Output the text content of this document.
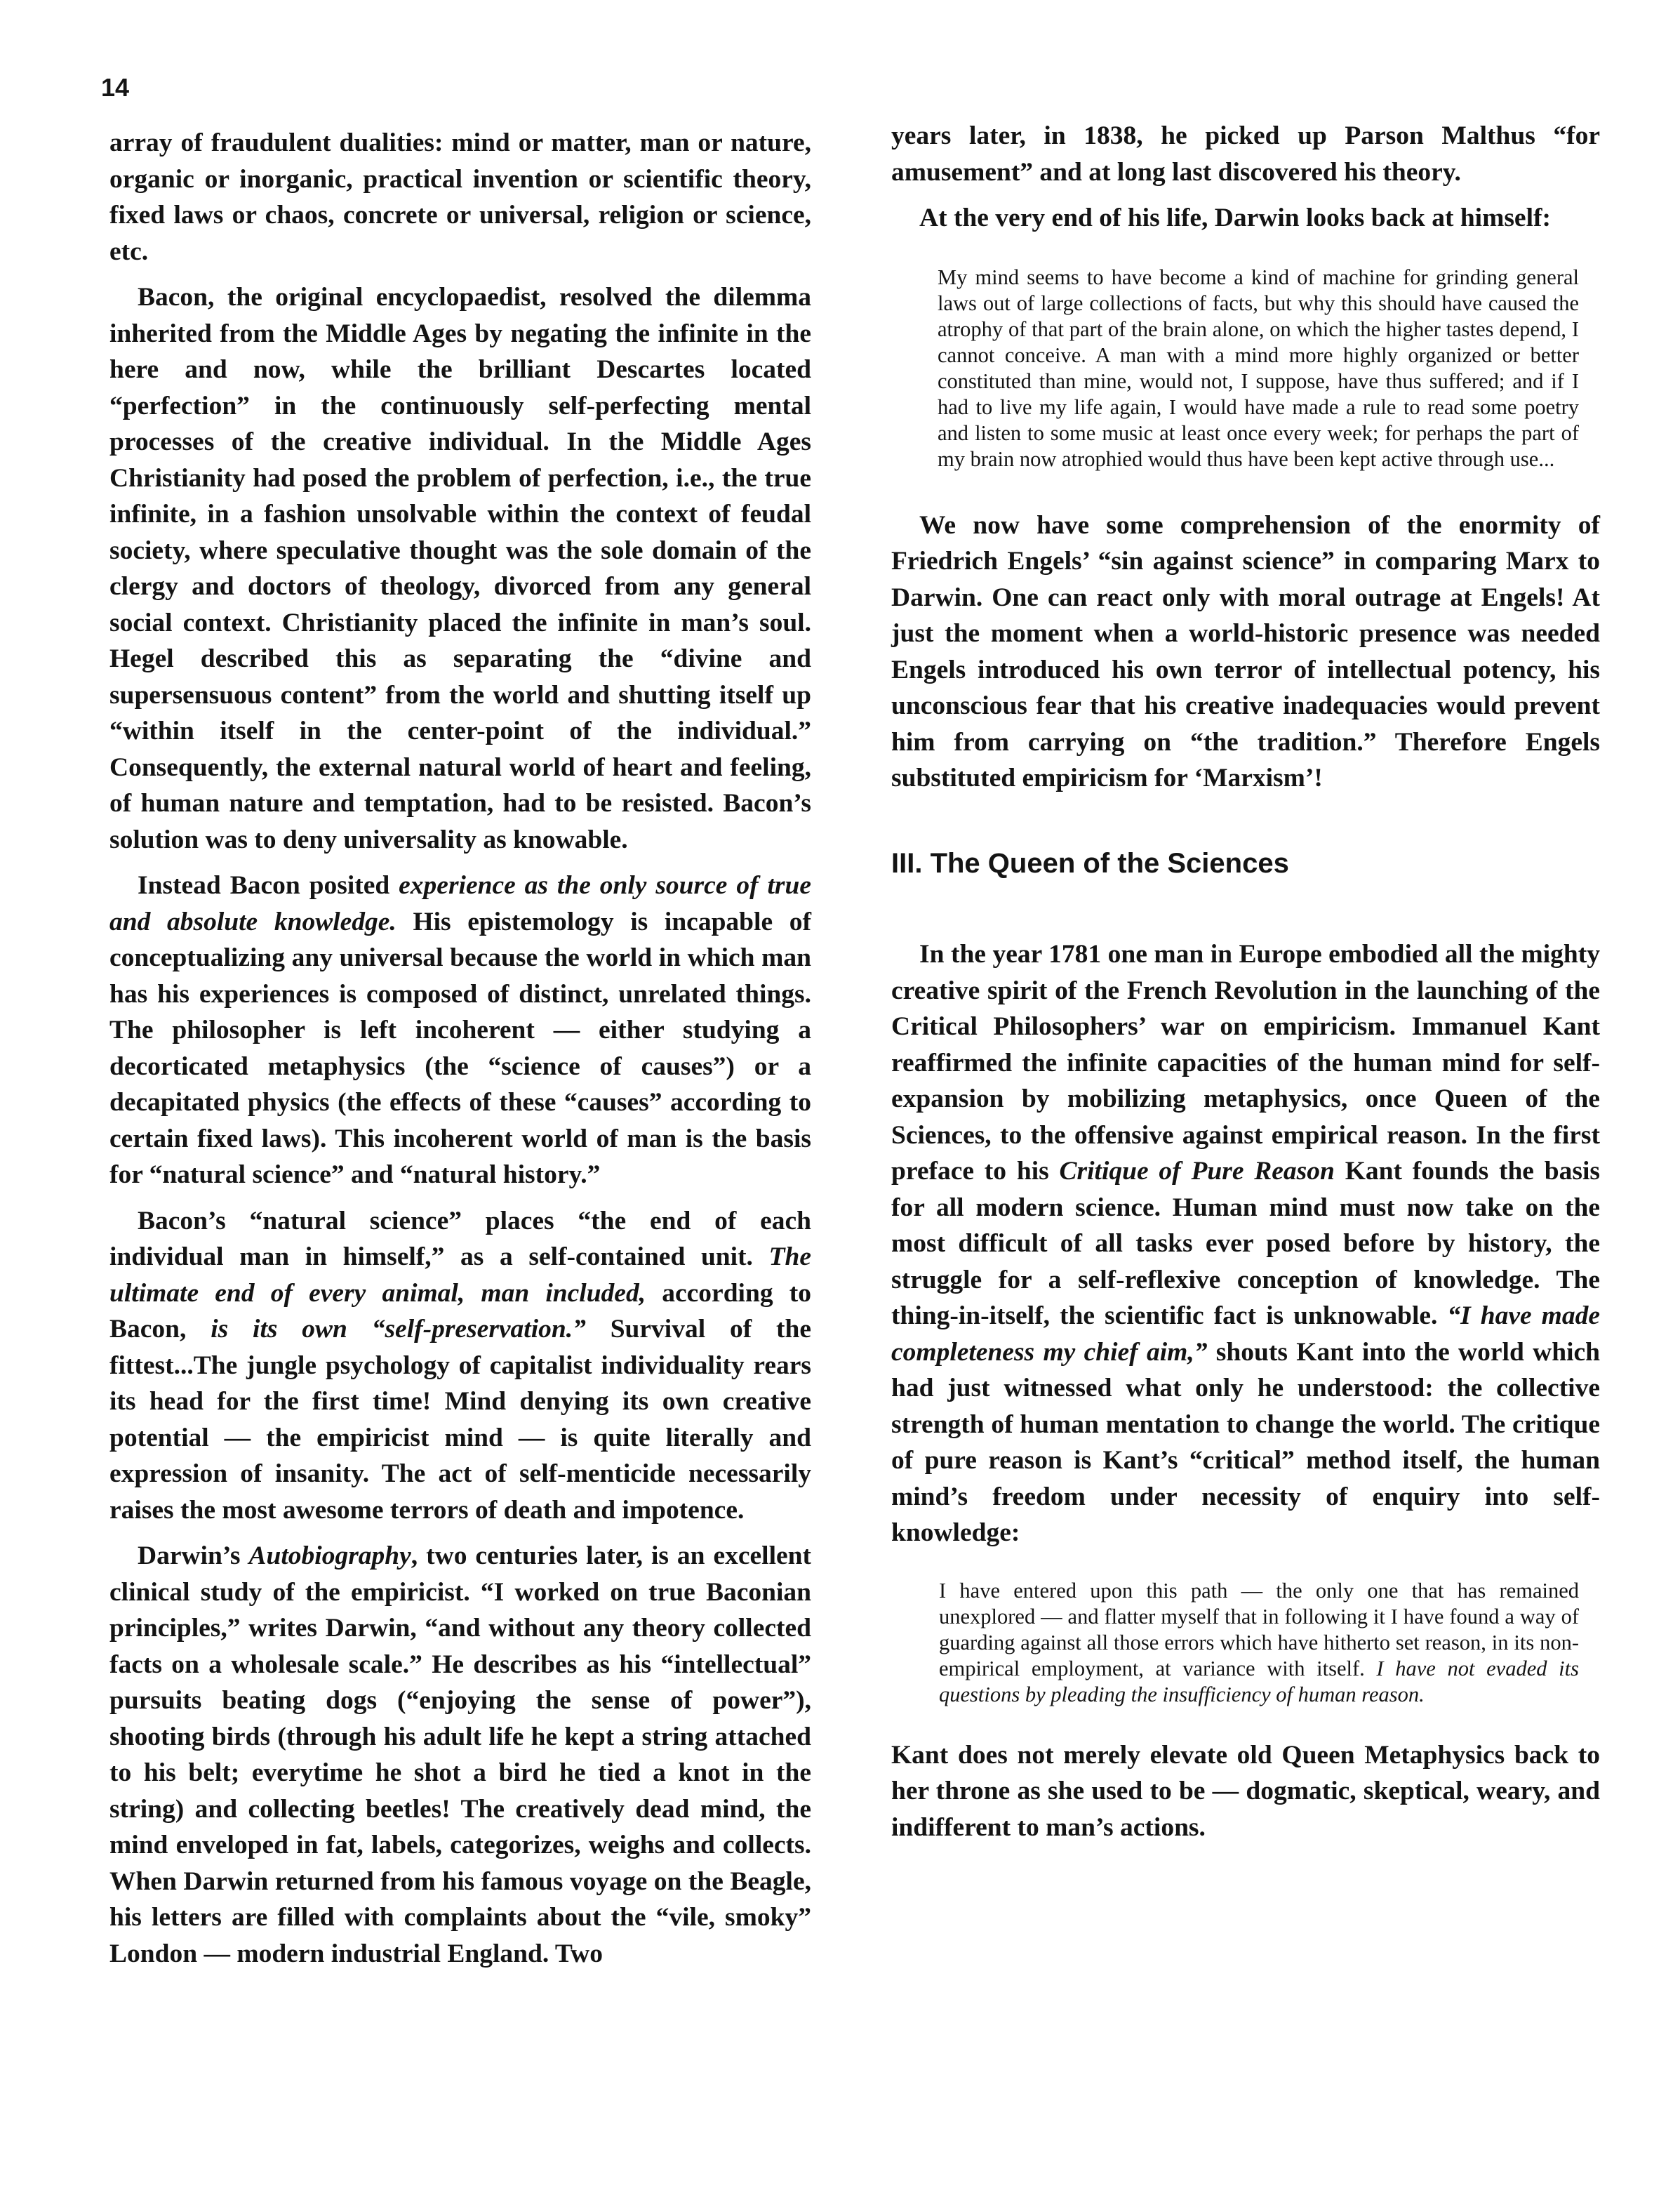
14

array of fraudulent dualities: mind or matter, man or nature, organic or inorganic, practical invention or scientific theory, fixed laws or chaos, concrete or universal, religion or science, etc.

Bacon, the original encyclopaedist, resolved the dilemma inherited from the Middle Ages by negating the infinite in the here and now, while the brilliant Descartes located “perfection” in the continuously self-perfecting mental processes of the creative individual. In the Middle Ages Christianity had posed the problem of perfection, i.e., the true infinite, in a fashion unsolvable within the context of feudal society, where speculative thought was the sole domain of the clergy and doctors of theology, divorced from any general social context. Christianity placed the infinite in man’s soul. Hegel described this as separating the “divine and supersensuous content” from the world and shutting itself up “within itself in the center-point of the individual.” Consequently, the external natural world of heart and feeling, of human nature and temptation, had to be resisted. Bacon’s solution was to deny universality as knowable.

Instead Bacon posited experience as the only source of true and absolute knowledge. His epistemology is incapable of conceptualizing any universal because the world in which man has his experiences is composed of distinct, unrelated things. The philosopher is left incoherent — either studying a decorticated metaphysics (the “science of causes”) or a decapitated physics (the effects of these “causes” according to certain fixed laws). This incoherent world of man is the basis for “natural science” and “natural history.”

Bacon’s “natural science” places “the end of each individual man in himself,” as a self-contained unit. The ultimate end of every animal, man included, according to Bacon, is its own “self-preservation.” Survival of the fittest...The jungle psychology of capitalist individuality rears its head for the first time! Mind denying its own creative potential — the empiricist mind — is quite literally and expression of insanity. The act of self-menticide necessarily raises the most awesome terrors of death and impotence.

Darwin’s Autobiography, two centuries later, is an excellent clinical study of the empiricist. “I worked on true Baconian principles,” writes Darwin, “and without any theory collected facts on a wholesale scale.” He describes as his “intellectual” pursuits beating dogs (“enjoying the sense of power”), shooting birds (through his adult life he kept a string attached to his belt; everytime he shot a bird he tied a knot in the string) and collecting beetles! The creatively dead mind, the mind enveloped in fat, labels, categorizes, weighs and collects. When Darwin returned from his famous voyage on the Beagle, his letters are filled with complaints about the “vile, smoky” London — modern industrial England. Two

years later, in 1838, he picked up Parson Malthus “for amusement” and at long last discovered his theory.

At the very end of his life, Darwin looks back at himself:

My mind seems to have become a kind of machine for grinding general laws out of large collections of facts, but why this should have caused the atrophy of that part of the brain alone, on which the higher tastes depend, I cannot conceive. A man with a mind more highly organized or better constituted than mine, would not, I suppose, have thus suffered; and if I had to live my life again, I would have made a rule to read some poetry and listen to some music at least once every week; for perhaps the part of my brain now atrophied would thus have been kept active through use...

We now have some comprehension of the enormity of Friedrich Engels’ “sin against science” in comparing Marx to Darwin. One can react only with moral outrage at Engels! At just the moment when a world-historic presence was needed Engels introduced his own terror of intellectual potency, his unconscious fear that his creative inadequacies would prevent him from carrying on “the tradition.” Therefore Engels substituted empiricism for ‘Marxism’!

III. The Queen of the Sciences

In the year 1781 one man in Europe embodied all the mighty creative spirit of the French Revolution in the launching of the Critical Philosophers’ war on empiricism. Immanuel Kant reaffirmed the infinite capacities of the human mind for self-expansion by mobilizing metaphysics, once Queen of the Sciences, to the offensive against empirical reason. In the first preface to his Critique of Pure Reason Kant founds the basis for all modern science. Human mind must now take on the most difficult of all tasks ever posed before by history, the struggle for a self-reflexive conception of knowledge. The thing-in-itself, the scientific fact is unknowable. “I have made completeness my chief aim,” shouts Kant into the world which had just witnessed what only he understood: the collective strength of human mentation to change the world. The critique of pure reason is Kant’s “critical” method itself, the human mind’s freedom under necessity of enquiry into self-knowledge:

I have entered upon this path — the only one that has remained unexplored — and flatter myself that in following it I have found a way of guarding against all those errors which have hitherto set reason, in its non-empirical employment, at variance with itself. I have not evaded its questions by pleading the insufficiency of human reason.

Kant does not merely elevate old Queen Metaphysics back to her throne as she used to be — dogmatic, skeptical, weary, and indifferent to man’s actions.
